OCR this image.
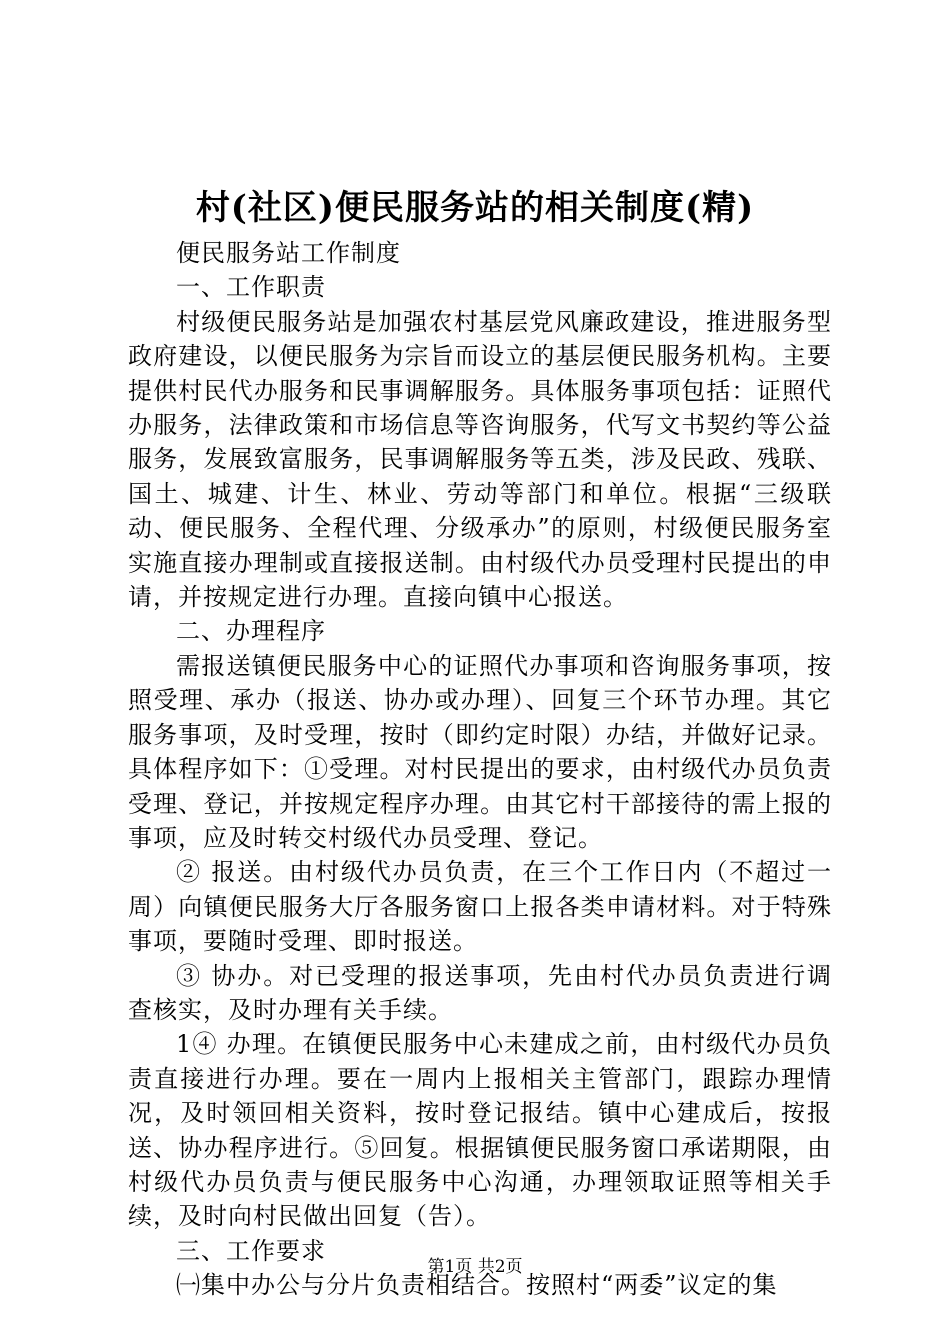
村(社区)便民服务站的相关制度(精)

便民服务站工作制度

一、工作职责

村级便民服务站是加强农村基层党风廉政建设，推进服务型政府建设，以便民服务为宗旨而设立的基层便民服务机构。主要提供村民代办服务和民事调解服务。具体服务事项包括：证照代办服务，法律政策和市场信息等咨询服务，代写文书契约等公益服务，发展致富服务，民事调解服务等五类，涉及民政、残联、国土、城建、计生、林业、劳动等部门和单位。根据“三级联动、便民服务、全程代理、分级承办”的原则，村级便民服务室实施直接办理制或直接报送制。由村级代办员受理村民提出的申请，并按规定进行办理。直接向镇中心报送。

二、办理程序

需报送镇便民服务中心的证照代办事项和咨询服务事项，按照受理、承办（报送、协办或办理）、回复三个环节办理。其它服务事项，及时受理，按时（即约定时限）办结，并做好记录。具体程序如下：①受理。对村民提出的要求，由村级代办员负责受理、登记，并按规定程序办理。由其它村干部接待的需上报的事项，应及时转交村级代办员受理、登记。

② 报送。由村级代办员负责，在三个工作日内（不超过一周）向镇便民服务大厅各服务窗口上报各类申请材料。对于特殊事项，要随时受理、即时报送。

③ 协办。对已受理的报送事项，先由村代办员负责进行调查核实，及时办理有关手续。

1④ 办理。在镇便民服务中心未建成之前，由村级代办员负责直接进行办理。要在一周内上报相关主管部门，跟踪办理情况，及时领回相关资料，按时登记报结。镇中心建成后，按报送、协办程序进行。⑤回复。根据镇便民服务窗口承诺期限，由村级代办员负责与便民服务中心沟通，办理领取证照等相关手续，及时向村民做出回复（告）。

三、工作要求

㈠集中办公与分片负责相结合。按照村“两委”议定的集

第1页 共2页
